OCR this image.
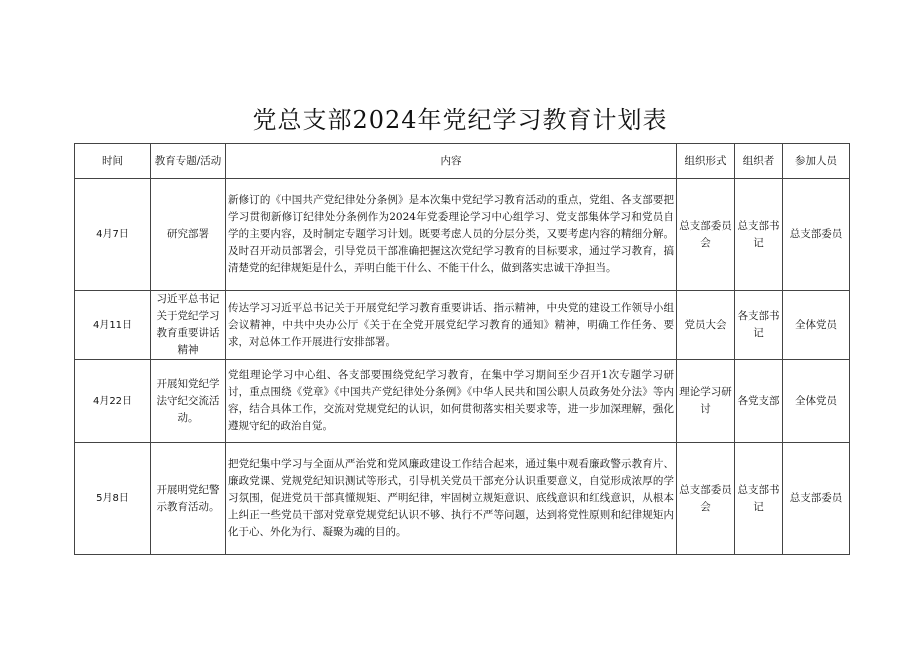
党总支部2024年党纪学习教育计划表
时间	教育专题/活动	内容	组织形式	组织者	参加人员
4月7日	研究部署	新修订的《中国共产党纪律处分条例》是本次集中党纪学习教育活动的重点，党组、各支部要把学习贯彻新修订纪律处分条例作为2024年党委理论学习中心组学习、党支部集体学习和党员自学的主要内容，及时制定专题学习计划。既要考虑人员的分层分类，又要考虑内容的精细分解。及时召开动员部署会，引导党员干部准确把握这次党纪学习教育的目标要求，通过学习教育，搞清楚党的纪律规矩是什么，弄明白能干什么、不能干什么，做到落实忠诚干净担当。	总支部委员会	总支部书记	总支部委员
4月11日	习近平总书记关于党纪学习教育重要讲话精神	传达学习习近平总书记关于开展党纪学习教育重要讲话、指示精神，中央党的建设工作领导小组会议精神，中共中央办公厅《关于在全党开展党纪学习教育的通知》精神，明确工作任务、要求，对总体工作开展进行安排部署。	党员大会	各支部书记	全体党员
4月22日	开展知党纪学法守纪交流活动。	党组理论学习中心组、各支部要围绕党纪学习教育，在集中学习期间至少召开1次专题学习研讨，重点围绕《党章》《中国共产党纪律处分条例》《中华人民共和国公职人员政务处分法》等内容，结合具体工作，交流对党规党纪的认识，如何贯彻落实相关要求等，进一步加深理解，强化遵规守纪的政治自觉。	理论学习研讨	各党支部	全体党员
5月8日	开展明党纪警示教育活动。	把党纪集中学习与全面从严治党和党风廉政建设工作结合起来，通过集中观看廉政警示教育片、廉政党课、党规党纪知识测试等形式，引导机关党员干部充分认识重要意义，自觉形成浓厚的学习氛围，促进党员干部真懂规矩、严明纪律，牢固树立规矩意识、底线意识和红线意识，从根本上纠正一些党员干部对党章党规党纪认识不够、执行不严等问题，达到将党性原则和纪律规矩内化于心、外化为行、凝聚为魂的目的。	总支部委员会	总支部书记	总支部委员
